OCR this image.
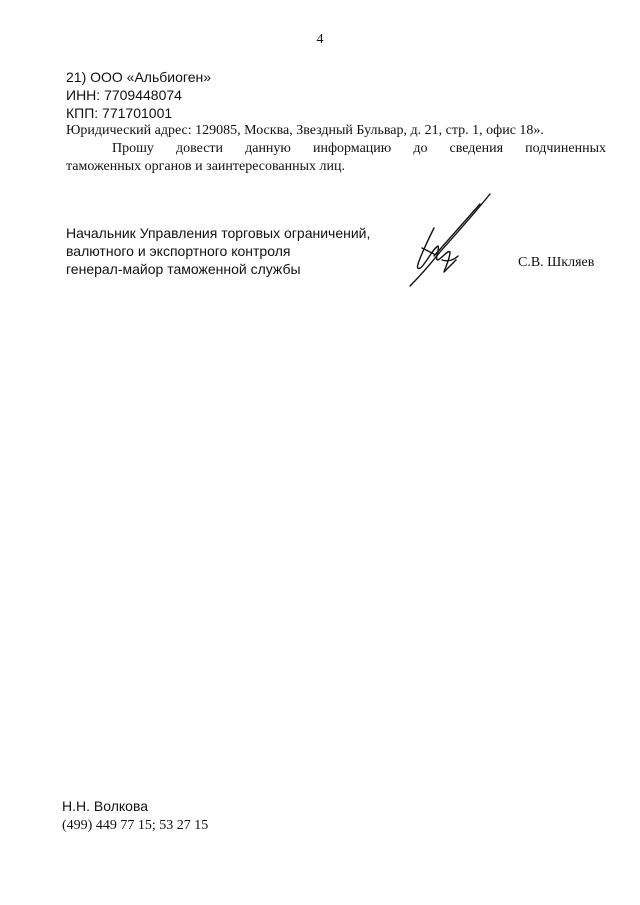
4
21) ООО «Альбиоген»
ИНН: 7709448074
КПП: 771701001
Юридический адрес: 129085, Москва, Звездный Бульвар, д. 21, стр. 1, офис 18».
Прошу довести данную информацию до сведения подчиненных
таможенных органов и заинтересованных лиц.
Начальник Управления торговых ограничений,
валютного и экспортного контроля
генерал-майор таможенной службы	С.В. Шкляев
Н.Н. Волкова
(499) 449 77 15; 53 27 15
